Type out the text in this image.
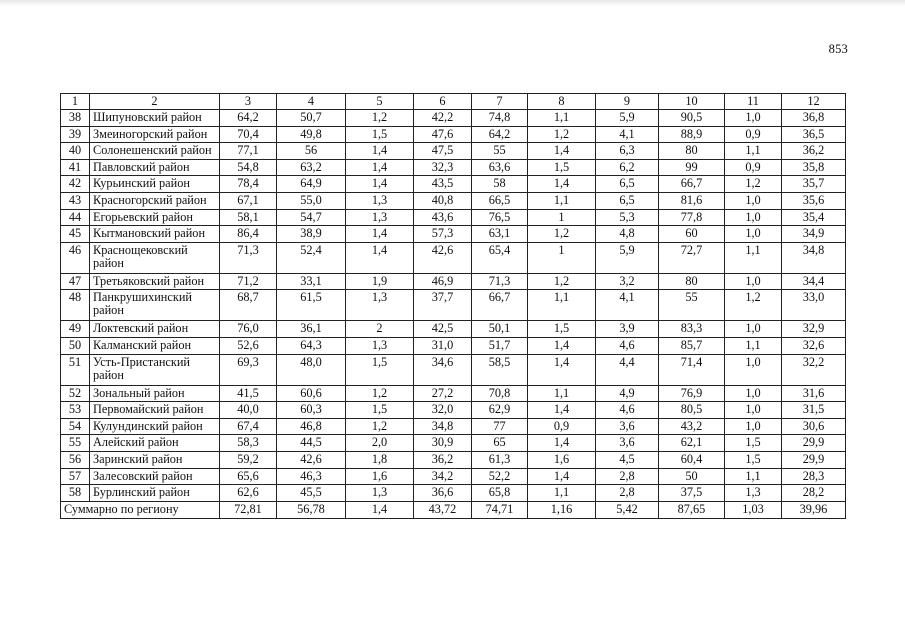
853
1	2	3	4	5	6	7	8	9	10	11	12
38	Шипуновский район	64,2	50,7	1,2	42,2	74,8	1,1	5,9	90,5	1,0	36,8
39	Змеиногорский район	70,4	49,8	1,5	47,6	64,2	1,2	4,1	88,9	0,9	36,5
40	Солонешенский район	77,1	56	1,4	47,5	55	1,4	6,3	80	1,1	36,2
41	Павловский район	54,8	63,2	1,4	32,3	63,6	1,5	6,2	99	0,9	35,8
42	Курьинский район	78,4	64,9	1,4	43,5	58	1,4	6,5	66,7	1,2	35,7
43	Красногорский район	67,1	55,0	1,3	40,8	66,5	1,1	6,5	81,6	1,0	35,6
44	Егорьевский район	58,1	54,7	1,3	43,6	76,5	1	5,3	77,8	1,0	35,4
45	Кытмановский район	86,4	38,9	1,4	57,3	63,1	1,2	4,8	60	1,0	34,9
46	Краснощековский район	71,3	52,4	1,4	42,6	65,4	1	5,9	72,7	1,1	34,8
47	Третьяковский район	71,2	33,1	1,9	46,9	71,3	1,2	3,2	80	1,0	34,4
48	Панкрушихинский район	68,7	61,5	1,3	37,7	66,7	1,1	4,1	55	1,2	33,0
49	Локтевский район	76,0	36,1	2	42,5	50,1	1,5	3,9	83,3	1,0	32,9
50	Калманский район	52,6	64,3	1,3	31,0	51,7	1,4	4,6	85,7	1,1	32,6
51	Усть-Пристанский район	69,3	48,0	1,5	34,6	58,5	1,4	4,4	71,4	1,0	32,2
52	Зональный район	41,5	60,6	1,2	27,2	70,8	1,1	4,9	76,9	1,0	31,6
53	Первомайский район	40,0	60,3	1,5	32,0	62,9	1,4	4,6	80,5	1,0	31,5
54	Кулундинский район	67,4	46,8	1,2	34,8	77	0,9	3,6	43,2	1,0	30,6
55	Алейский район	58,3	44,5	2,0	30,9	65	1,4	3,6	62,1	1,5	29,9
56	Заринский район	59,2	42,6	1,8	36,2	61,3	1,6	4,5	60,4	1,5	29,9
57	Залесовский район	65,6	46,3	1,6	34,2	52,2	1,4	2,8	50	1,1	28,3
58	Бурлинский район	62,6	45,5	1,3	36,6	65,8	1,1	2,8	37,5	1,3	28,2
Суммарно по региону		72,81	56,78	1,4	43,72	74,71	1,16	5,42	87,65	1,03	39,96
